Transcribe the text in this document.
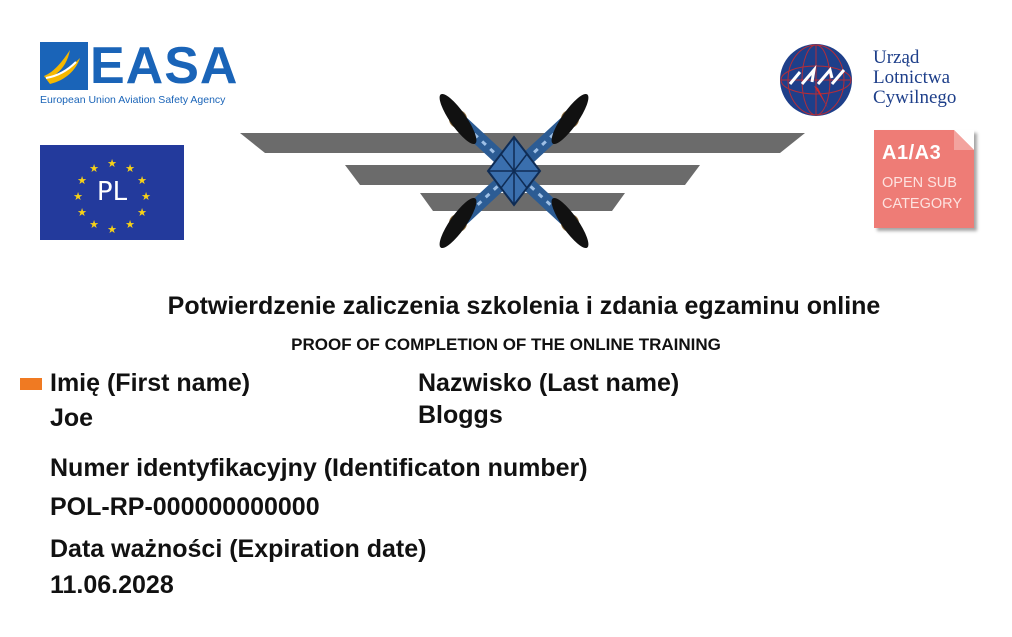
EASA
European Union Aviation Safety Agency
★ ★
★
★
★
★
★
★
★
★
★
★
PL
Urząd
Lotnictwa
Cywilnego
A1/A3
OPEN SUB
CATEGORY
Potwierdzenie zaliczenia szkolenia i zdania egzaminu online
PROOF OF COMPLETION OF THE ONLINE TRAINING
Imię (First name)
Joe
Nazwisko (Last name)
Bloggs
Numer identyfikacyjny (Identificaton number)
POL-RP-000000000000
Data ważności (Expiration date)
11.06.2028
